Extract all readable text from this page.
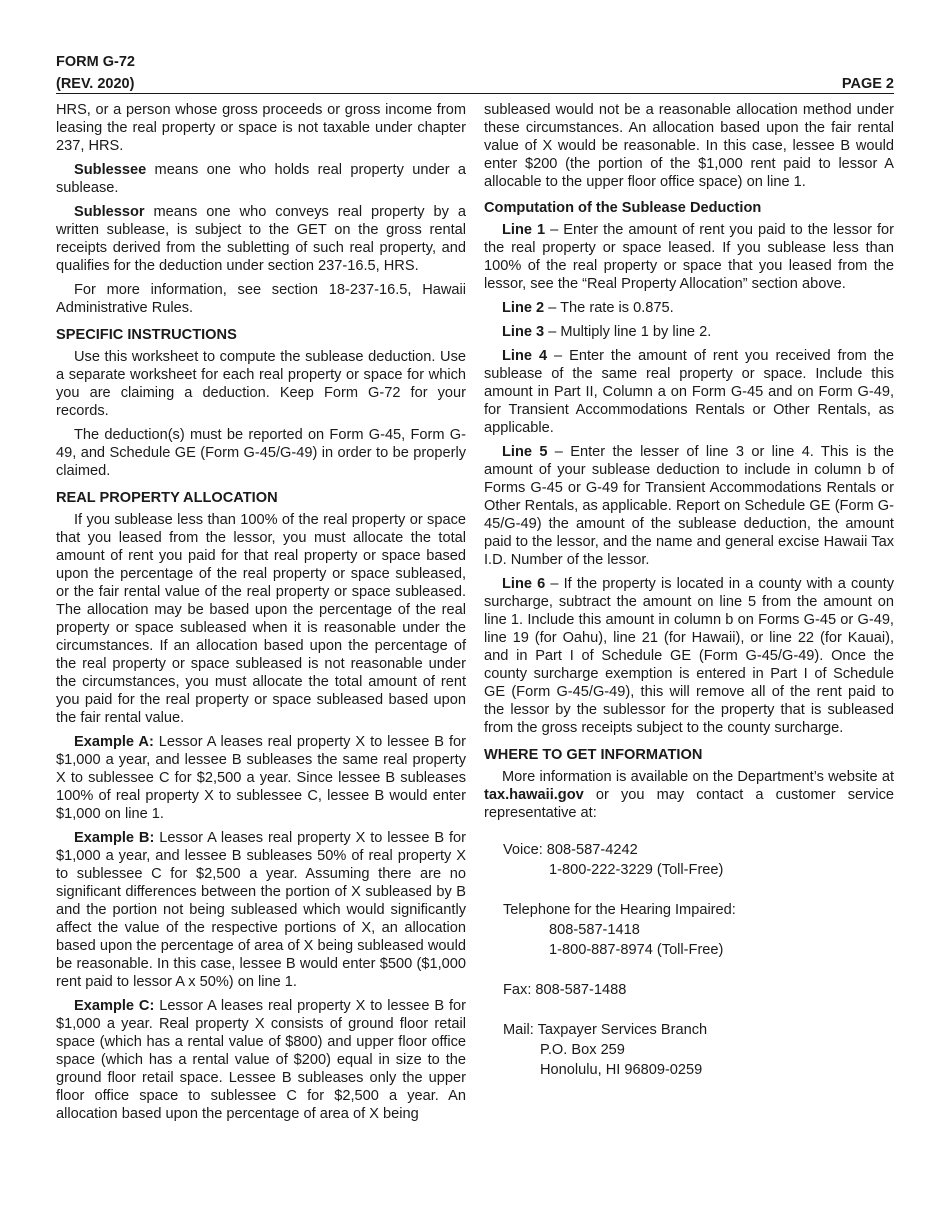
FORM G-72
(REV. 2020)	PAGE 2

HRS, or a person whose gross proceeds or gross income from leasing the real property or space is not taxable under chapter 237, HRS.

Sublessee means one who holds real property under a sublease.

Sublessor means one who conveys real property by a written sublease, is subject to the GET on the gross rental receipts derived from the subletting of such real property, and qualifies for the deduction under section 237-16.5, HRS.

For more information, see section 18-237-16.5, Hawaii Administrative Rules.

SPECIFIC INSTRUCTIONS

Use this worksheet to compute the sublease deduction. Use a separate worksheet for each real property or space for which you are claiming a deduction. Keep Form G-72 for your records.

The deduction(s) must be reported on Form G-45, Form G-49, and Schedule GE (Form G-45/G-49) in order to be properly claimed.

REAL PROPERTY ALLOCATION

If you sublease less than 100% of the real property or space that you leased from the lessor, you must allocate the total amount of rent you paid for that real property or space based upon the percentage of the real property or space subleased, or the fair rental value of the real property or space subleased. The allocation may be based upon the percentage of the real property or space subleased when it is reasonable under the circumstances. If an allocation based upon the percentage of the real property or space subleased is not reasonable under the circumstances, you must allocate the total amount of rent you paid for the real property or space subleased based upon the fair rental value.

Example A: Lessor A leases real property X to lessee B for $1,000 a year, and lessee B subleases the same real property X to sublessee C for $2,500 a year. Since lessee B subleases 100% of real property X to sublessee C, lessee B would enter $1,000 on line 1.

Example B: Lessor A leases real property X to lessee B for $1,000 a year, and lessee B subleases 50% of real property X to sublessee C for $2,500 a year. Assuming there are no significant differences between the portion of X subleased by B and the portion not being subleased which would significantly affect the value of the respective portions of X, an allocation based upon the percentage of area of X being subleased would be reasonable. In this case, lessee B would enter $500 ($1,000 rent paid to lessor A x 50%) on line 1.

Example C: Lessor A leases real property X to lessee B for $1,000 a year. Real property X consists of ground floor retail space (which has a rental value of $800) and upper floor office space (which has a rental value of $200) equal in size to the ground floor retail space. Lessee B subleases only the upper floor office space to sublessee C for $2,500 a year. An allocation based upon the percentage of area of X being

subleased would not be a reasonable allocation method under these circumstances. An allocation based upon the fair rental value of X would be reasonable. In this case, lessee B would enter $200 (the portion of the $1,000 rent paid to lessor A allocable to the upper floor office space) on line 1.

Computation of the Sublease Deduction

Line 1 – Enter the amount of rent you paid to the lessor for the real property or space leased. If you sublease less than 100% of the real property or space that you leased from the lessor, see the “Real Property Allocation” section above.

Line 2 – The rate is 0.875.

Line 3 – Multiply line 1 by line 2.

Line 4 – Enter the amount of rent you received from the sublease of the same real property or space. Include this amount in Part II, Column a on Form G-45 and on Form G-49, for Transient Accommodations Rentals or Other Rentals, as applicable.

Line 5 – Enter the lesser of line 3 or line 4. This is the amount of your sublease deduction to include in column b of Forms G-45 or G-49 for Transient Accommodations Rentals or Other Rentals, as applicable. Report on Schedule GE (Form G-45/G-49) the amount of the sublease deduction, the amount paid to the lessor, and the name and general excise Hawaii Tax I.D. Number of the lessor.

Line 6 – If the property is located in a county with a county surcharge, subtract the amount on line 5 from the amount on line 1. Include this amount in column b on Forms G-45 or G-49, line 19 (for Oahu), line 21 (for Hawaii), or line 22 (for Kauai), and in Part I of Schedule GE (Form G-45/G-49). Once the county surcharge exemption is entered in Part I of Schedule GE (Form G-45/G-49), this will remove all of the rent paid to the lessor by the sublessor for the property that is subleased from the gross receipts subject to the county surcharge.

WHERE TO GET INFORMATION

More information is available on the Department’s website at tax.hawaii.gov or you may contact a customer service representative at:

Voice: 808-587-4242
1-800-222-3229 (Toll-Free)
Telephone for the Hearing Impaired:
808-587-1418
1-800-887-8974 (Toll-Free)
Fax: 808-587-1488
Mail: Taxpayer Services Branch
P.O. Box 259
Honolulu, HI 96809-0259
